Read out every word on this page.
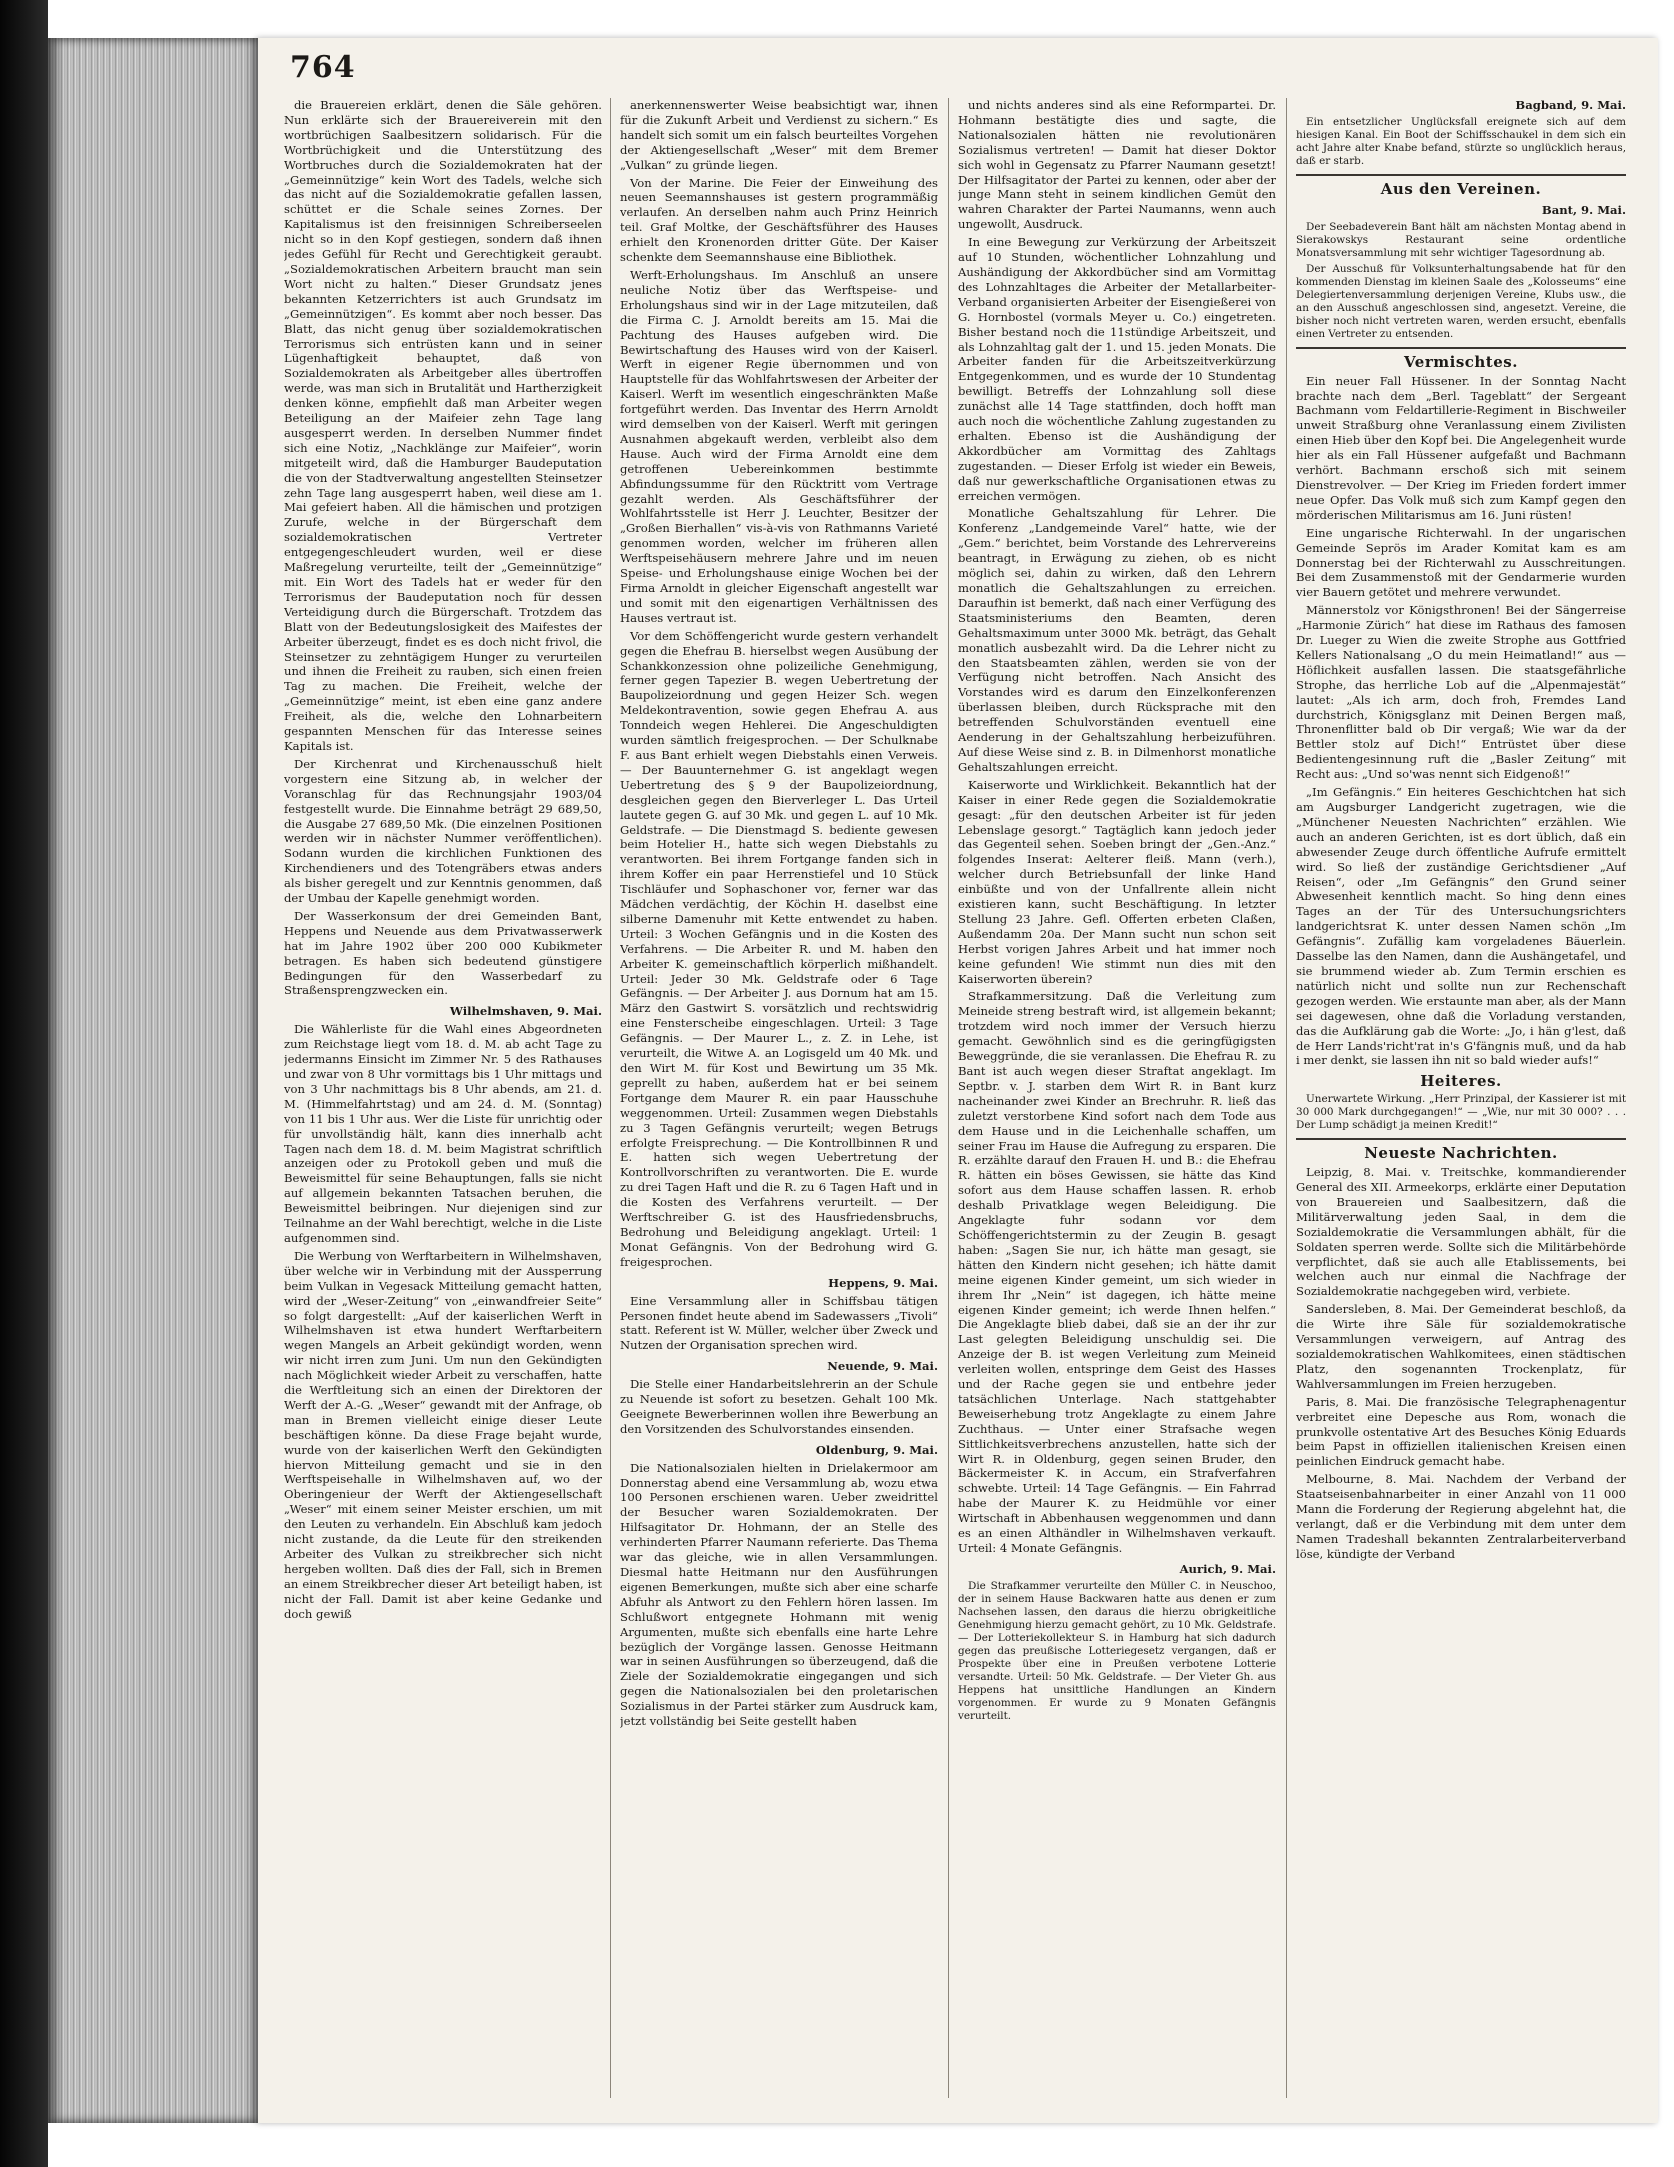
764

die Brauereien erklärt, denen die Säle gehören. Nun erklärte sich der Brauereiverein mit den wortbrüchigen Saalbesitzern solidarisch. Für die Wortbrüchigkeit und die Unterstützung des Wortbruches durch die Sozialdemokraten hat der „Gemeinnützige“ kein Wort des Tadels, welche sich das nicht auf die Sozialdemokratie gefallen lassen, schüttet er die Schale seines Zornes. Der Kapitalismus ist den freisinnigen Schreiberseelen nicht so in den Kopf gestiegen, sondern daß ihnen jedes Gefühl für Recht und Gerechtigkeit geraubt. „Sozialdemokratischen Arbeitern braucht man sein Wort nicht zu halten.“ Dieser Grundsatz jenes bekannten Ketzerrichters ist auch Grundsatz im „Gemeinnützigen“. Es kommt aber noch besser. Das Blatt, das nicht genug über sozialdemokratischen Terrorismus sich entrüsten kann und in seiner Lügenhaftigkeit behauptet, daß von Sozialdemokraten als Arbeitgeber alles übertroffen werde, was man sich in Brutalität und Hartherzigkeit denken könne, empfiehlt daß man Arbeiter wegen Beteiligung an der Maifeier zehn Tage lang ausgesperrt werden. In derselben Nummer findet sich eine Notiz, „Nachklänge zur Maifeier“, worin mitgeteilt wird, daß die Hamburger Baudeputation die von der Stadtverwaltung angestellten Steinsetzer zehn Tage lang ausgesperrt haben, weil diese am 1. Mai gefeiert haben. All die hämischen und protzigen Zurufe, welche in der Bürgerschaft dem sozialdemokratischen Vertreter entgegengeschleudert wurden, weil er diese Maßregelung verurteilte, teilt der „Gemeinnützige“ mit. Ein Wort des Tadels hat er weder für den Terrorismus der Baudeputation noch für dessen Verteidigung durch die Bürgerschaft. Trotzdem das Blatt von der Bedeutungslosigkeit des Maifestes der Arbeiter überzeugt, findet es es doch nicht frivol, die Steinsetzer zu zehntägigem Hunger zu verurteilen und ihnen die Freiheit zu rauben, sich einen freien Tag zu machen. Die Freiheit, welche der „Gemeinnützige“ meint, ist eben eine ganz andere Freiheit, als die, welche den Lohnarbeitern gespannten Menschen für das Interesse seines Kapitals ist.

Der Kirchenrat und Kirchenausschuß hielt vorgestern eine Sitzung ab, in welcher der Voranschlag für das Rechnungsjahr 1903/04 festgestellt wurde. Die Einnahme beträgt 29 689,50, die Ausgabe 27 689,50 Mk. (Die einzelnen Positionen werden wir in nächster Nummer veröffentlichen). Sodann wurden die kirchlichen Funktionen des Kirchendieners und des Totengräbers etwas anders als bisher geregelt und zur Kenntnis genommen, daß der Umbau der Kapelle genehmigt worden.

Der Wasserkonsum der drei Gemeinden Bant, Heppens und Neuende aus dem Privatwasserwerk hat im Jahre 1902 über 200 000 Kubikmeter betragen. Es haben sich bedeutend günstigere Bedingungen für den Wasserbedarf zu Straßensprengzwecken ein.

Wilhelmshaven, 9. Mai.

Die Wählerliste für die Wahl eines Abgeordneten zum Reichstage liegt vom 18. d. M. ab acht Tage zu jedermanns Einsicht im Zimmer Nr. 5 des Rathauses und zwar von 8 Uhr vormittags bis 1 Uhr mittags und von 3 Uhr nachmittags bis 8 Uhr abends, am 21. d. M. (Himmelfahrtstag) und am 24. d. M. (Sonntag) von 11 bis 1 Uhr aus. Wer die Liste für unrichtig oder für unvollständig hält, kann dies innerhalb acht Tagen nach dem 18. d. M. beim Magistrat schriftlich anzeigen oder zu Protokoll geben und muß die Beweismittel für seine Behauptungen, falls sie nicht auf allgemein bekannten Tatsachen beruhen, die Beweismittel beibringen. Nur diejenigen sind zur Teilnahme an der Wahl berechtigt, welche in die Liste aufgenommen sind.

Die Werbung von Werftarbeitern in Wilhelmshaven, über welche wir in Verbindung mit der Aussperrung beim Vulkan in Vegesack Mitteilung gemacht hatten, wird der „Weser-Zeitung“ von „einwandfreier Seite“ so folgt dargestellt: „Auf der kaiserlichen Werft in Wilhelmshaven ist etwa hundert Werftarbeitern wegen Mangels an Arbeit gekündigt worden, wenn wir nicht irren zum Juni. Um nun den Gekündigten nach Möglichkeit wieder Arbeit zu verschaffen, hatte die Werftleitung sich an einen der Direktoren der Werft der A.-G. „Weser“ gewandt mit der Anfrage, ob man in Bremen vielleicht einige dieser Leute beschäftigen könne. Da diese Frage bejaht wurde, wurde von der kaiserlichen Werft den Gekündigten hiervon Mitteilung gemacht und sie in den Werftspeisehalle in Wilhelmshaven auf, wo der Oberingenieur der Werft der Aktiengesellschaft „Weser“ mit einem seiner Meister erschien, um mit den Leuten zu verhandeln. Ein Abschluß kam jedoch nicht zustande, da die Leute für den streikenden Arbeiter des Vulkan zu streikbrecher sich nicht hergeben wollten. Daß dies der Fall, sich in Bremen an einem Streikbrecher dieser Art beteiligt haben, ist nicht der Fall. Damit ist aber keine Gedanke und doch gewiß

anerkennenswerter Weise beabsichtigt war, ihnen für die Zukunft Arbeit und Verdienst zu sichern.“ Es handelt sich somit um ein falsch beurteiltes Vorgehen der Aktiengesellschaft „Weser“ mit dem Bremer „Vulkan“ zu gründe liegen.

Von der Marine. Die Feier der Einweihung des neuen Seemannshauses ist gestern programmäßig verlaufen. An derselben nahm auch Prinz Heinrich teil. Graf Moltke, der Geschäftsführer des Hauses erhielt den Kronenorden dritter Güte. Der Kaiser schenkte dem Seemannshause eine Bibliothek.

Werft-Erholungshaus. Im Anschluß an unsere neuliche Notiz über das Werftspeise- und Erholungshaus sind wir in der Lage mitzuteilen, daß die Firma C. J. Arnoldt bereits am 15. Mai die Pachtung des Hauses aufgeben wird. Die Bewirtschaftung des Hauses wird von der Kaiserl. Werft in eigener Regie übernommen und von Hauptstelle für das Wohlfahrtswesen der Arbeiter der Kaiserl. Werft im wesentlich eingeschränkten Maße fortgeführt werden. Das Inventar des Herrn Arnoldt wird demselben von der Kaiserl. Werft mit geringen Ausnahmen abgekauft werden, verbleibt also dem Hause. Auch wird der Firma Arnoldt eine dem getroffenen Uebereinkommen bestimmte Abfindungssumme für den Rücktritt vom Vertrage gezahlt werden. Als Geschäftsführer der Wohlfahrtsstelle ist Herr J. Leuchter, Besitzer der „Großen Bierhallen“ vis-à-vis von Rathmanns Varieté genommen worden, welcher im früheren allen Werftspeisehäusern mehrere Jahre und im neuen Speise- und Erholungshause einige Wochen bei der Firma Arnoldt in gleicher Eigenschaft angestellt war und somit mit den eigenartigen Verhältnissen des Hauses vertraut ist.

Vor dem Schöffengericht wurde gestern verhandelt gegen die Ehefrau B. hierselbst wegen Ausübung der Schankkonzession ohne polizeiliche Genehmigung, ferner gegen Tapezier B. wegen Uebertretung der Baupolizeiordnung und gegen Heizer Sch. wegen Meldekontravention, sowie gegen Ehefrau A. aus Tonndeich wegen Hehlerei. Die Angeschuldigten wurden sämtlich freigesprochen. — Der Schulknabe F. aus Bant erhielt wegen Diebstahls einen Verweis. — Der Bauunternehmer G. ist angeklagt wegen Uebertretung des § 9 der Baupolizeiordnung, desgleichen gegen den Bierverleger L. Das Urteil lautete gegen G. auf 30 Mk. und gegen L. auf 10 Mk. Geldstrafe. — Die Dienstmagd S. bediente gewesen beim Hotelier H., hatte sich wegen Diebstahls zu verantworten. Bei ihrem Fortgange fanden sich in ihrem Koffer ein paar Herrenstiefel und 10 Stück Tischläufer und Sophaschoner vor, ferner war das Mädchen verdächtig, der Köchin H. daselbst eine silberne Damenuhr mit Kette entwendet zu haben. Urteil: 3 Wochen Gefängnis und in die Kosten des Verfahrens. — Die Arbeiter R. und M. haben den Arbeiter K. gemeinschaftlich körperlich mißhandelt. Urteil: Jeder 30 Mk. Geldstrafe oder 6 Tage Gefängnis. — Der Arbeiter J. aus Dornum hat am 15. März den Gastwirt S. vorsätzlich und rechtswidrig eine Fensterscheibe eingeschlagen. Urteil: 3 Tage Gefängnis. — Der Maurer L., z. Z. in Lehe, ist verurteilt, die Witwe A. an Logisgeld um 40 Mk. und den Wirt M. für Kost und Bewirtung um 35 Mk. geprellt zu haben, außerdem hat er bei seinem Fortgange dem Maurer R. ein paar Hausschuhe weggenommen. Urteil: Zusammen wegen Diebstahls zu 3 Tagen Gefängnis verurteilt; wegen Betrugs erfolgte Freisprechung. — Die Kontrollbinnen R und E. hatten sich wegen Uebertretung der Kontrollvorschriften zu verantworten. Die E. wurde zu drei Tagen Haft und die R. zu 6 Tagen Haft und in die Kosten des Verfahrens verurteilt. — Der Werftschreiber G. ist des Hausfriedensbruchs, Bedrohung und Beleidigung angeklagt. Urteil: 1 Monat Gefängnis. Von der Bedrohung wird G. freigesprochen.

Heppens, 9. Mai.

Eine Versammlung aller in Schiffsbau tätigen Personen findet heute abend im Sadewassers „Tivoli“ statt. Referent ist W. Müller, welcher über Zweck und Nutzen der Organisation sprechen wird.

Neuende, 9. Mai.

Die Stelle einer Handarbeitslehrerin an der Schule zu Neuende ist sofort zu besetzen. Gehalt 100 Mk. Geeignete Bewerberinnen wollen ihre Bewerbung an den Vorsitzenden des Schulvorstandes einsenden.

Oldenburg, 9. Mai.

Die Nationalsozialen hielten in Drielakermoor am Donnerstag abend eine Versammlung ab, wozu etwa 100 Personen erschienen waren. Ueber zweidrittel der Besucher waren Sozialdemokraten. Der Hilfsagitator Dr. Hohmann, der an Stelle des verhinderten Pfarrer Naumann referierte. Das Thema war das gleiche, wie in allen Versammlungen. Diesmal hatte Heitmann nur den Ausführungen eigenen Bemerkungen, mußte sich aber eine scharfe Abfuhr als Antwort zu den Fehlern hören lassen. Im Schlußwort entgegnete Hohmann mit wenig Argumenten, mußte sich ebenfalls eine harte Lehre bezüglich der Vorgänge lassen. Genosse Heitmann war in seinen Ausführungen so überzeugend, daß die Ziele der Sozialdemokratie eingegangen und sich gegen die Nationalsozialen bei den proletarischen Sozialismus in der Partei stärker zum Ausdruck kam, jetzt vollständig bei Seite gestellt haben

und nichts anderes sind als eine Reformpartei. Dr. Hohmann bestätigte dies und sagte, die Nationalsozialen hätten nie revolutionären Sozialismus vertreten! — Damit hat dieser Doktor sich wohl in Gegensatz zu Pfarrer Naumann gesetzt! Der Hilfsagitator der Partei zu kennen, oder aber der junge Mann steht in seinem kindlichen Gemüt den wahren Charakter der Partei Naumanns, wenn auch ungewollt, Ausdruck.

In eine Bewegung zur Verkürzung der Arbeitszeit auf 10 Stunden, wöchentlicher Lohnzahlung und Aushändigung der Akkordbücher sind am Vormittag des Lohnzahltages die Arbeiter der Metallarbeiter-Verband organisierten Arbeiter der Eisengießerei von G. Hornbostel (vormals Meyer u. Co.) eingetreten. Bisher bestand noch die 11stündige Arbeitszeit, und als Lohnzahltag galt der 1. und 15. jeden Monats. Die Arbeiter fanden für die Arbeitszeitverkürzung Entgegenkommen, und es wurde der 10 Stundentag bewilligt. Betreffs der Lohnzahlung soll diese zunächst alle 14 Tage stattfinden, doch hofft man auch noch die wöchentliche Zahlung zugestanden zu erhalten. Ebenso ist die Aushändigung der Akkordbücher am Vormittag des Zahltags zugestanden. — Dieser Erfolg ist wieder ein Beweis, daß nur gewerkschaftliche Organisationen etwas zu erreichen vermögen.

Monatliche Gehaltszahlung für Lehrer. Die Konferenz „Landgemeinde Varel“ hatte, wie der „Gem.“ berichtet, beim Vorstande des Lehrervereins beantragt, in Erwägung zu ziehen, ob es nicht möglich sei, dahin zu wirken, daß den Lehrern monatlich die Gehaltszahlungen zu erreichen. Daraufhin ist bemerkt, daß nach einer Verfügung des Staatsministeriums den Beamten, deren Gehaltsmaximum unter 3000 Mk. beträgt, das Gehalt monatlich ausbezahlt wird. Da die Lehrer nicht zu den Staatsbeamten zählen, werden sie von der Verfügung nicht betroffen. Nach Ansicht des Vorstandes wird es darum den Einzelkonferenzen überlassen bleiben, durch Rücksprache mit den betreffenden Schulvorständen eventuell eine Aenderung in der Gehaltszahlung herbeizuführen. Auf diese Weise sind z. B. in Dilmenhorst monatliche Gehaltszahlungen erreicht.

Kaiserworte und Wirklichkeit. Bekanntlich hat der Kaiser in einer Rede gegen die Sozialdemokratie gesagt: „für den deutschen Arbeiter ist für jeden Lebenslage gesorgt.“ Tagtäglich kann jedoch jeder das Gegenteil sehen. Soeben bringt der „Gen.-Anz.“ folgendes Inserat: Aelterer fleiß. Mann (verh.), welcher durch Betriebsunfall der linke Hand einbüßte und von der Unfallrente allein nicht existieren kann, sucht Beschäftigung. In letzter Stellung 23 Jahre. Gefl. Offerten erbeten Claßen, Außendamm 20a. Der Mann sucht nun schon seit Herbst vorigen Jahres Arbeit und hat immer noch keine gefunden! Wie stimmt nun dies mit den Kaiserworten überein?

Strafkammersitzung. Daß die Verleitung zum Meineide streng bestraft wird, ist allgemein bekannt; trotzdem wird noch immer der Versuch hierzu gemacht. Gewöhnlich sind es die geringfügigsten Beweggründe, die sie veranlassen. Die Ehefrau R. zu Bant ist auch wegen dieser Straftat angeklagt. Im Septbr. v. J. starben dem Wirt R. in Bant kurz nacheinander zwei Kinder an Brechruhr. R. ließ das zuletzt verstorbene Kind sofort nach dem Tode aus dem Hause und in die Leichenhalle schaffen, um seiner Frau im Hause die Aufregung zu ersparen. Die R. erzählte darauf den Frauen H. und B.: die Ehefrau R. hätten ein böses Gewissen, sie hätte das Kind sofort aus dem Hause schaffen lassen. R. erhob deshalb Privatklage wegen Beleidigung. Die Angeklagte fuhr sodann vor dem Schöffengerichtstermin zu der Zeugin B. gesagt haben: „Sagen Sie nur, ich hätte man gesagt, sie hätten den Kindern nicht gesehen; ich hätte damit meine eigenen Kinder gemeint, um sich wieder in ihrem Ihr „Nein“ ist dagegen, ich hätte meine eigenen Kinder gemeint; ich werde Ihnen helfen.“ Die Angeklagte blieb dabei, daß sie an der ihr zur Last gelegten Beleidigung unschuldig sei. Die Anzeige der B. ist wegen Verleitung zum Meineid verleiten wollen, entspringe dem Geist des Hasses und der Rache gegen sie und entbehre jeder tatsächlichen Unterlage. Nach stattgehabter Beweiserhebung trotz Angeklagte zu einem Jahre Zuchthaus. — Unter einer Strafsache wegen Sittlichkeitsverbrechens anzustellen, hatte sich der Wirt R. in Oldenburg, gegen seinen Bruder, den Bäckermeister K. in Accum, ein Strafverfahren schwebte. Urteil: 14 Tage Gefängnis. — Ein Fahrrad habe der Maurer K. zu Heidmühle vor einer Wirtschaft in Abbenhausen weggenommen und dann es an einen Althändler in Wilhelmshaven verkauft. Urteil: 4 Monate Gefängnis.

Aurich, 9. Mai.

Die Strafkammer verurteilte den Müller C. in Neuschoo, der in seinem Hause Backwaren hatte aus denen er zum Nachsehen lassen, den daraus die hierzu obrigkeitliche Genehmigung hierzu gemacht gehört, zu 10 Mk. Geldstrafe. — Der Lotteriekollekteur S. in Hamburg hat sich dadurch gegen das preußische Lotteriegesetz vergangen, daß er Prospekte über eine in Preußen verbotene Lotterie versandte. Urteil: 50 Mk. Geldstrafe. — Der Vieter Gh. aus Heppens hat unsittliche Handlungen an Kindern vorgenommen. Er wurde zu 9 Monaten Gefängnis verurteilt.

Bagband, 9. Mai.

Ein entsetzlicher Unglücksfall ereignete sich auf dem hiesigen Kanal. Ein Boot der Schiffsschaukel in dem sich ein acht Jahre alter Knabe befand, stürzte so unglücklich heraus, daß er starb.

Aus den Vereinen.

Bant, 9. Mai.

Der Seebadeverein Bant hält am nächsten Montag abend in Sierakowskys Restaurant seine ordentliche Monatsversammlung mit sehr wichtiger Tagesordnung ab.

Der Ausschuß für Volksunterhaltungsabende hat für den kommenden Dienstag im kleinen Saale des „Kolosseums“ eine Delegiertenversammlung derjenigen Vereine, Klubs usw., die an den Ausschuß angeschlossen sind, angesetzt. Vereine, die bisher noch nicht vertreten waren, werden ersucht, ebenfalls einen Vertreter zu entsenden.

Vermischtes.

Ein neuer Fall Hüssener. In der Sonntag Nacht brachte nach dem „Berl. Tageblatt“ der Sergeant Bachmann vom Feldartillerie-Regiment in Bischweiler unweit Straßburg ohne Veranlassung einem Zivilisten einen Hieb über den Kopf bei. Die Angelegenheit wurde hier als ein Fall Hüssener aufgefaßt und Bachmann verhört. Bachmann erschoß sich mit seinem Dienstrevolver. — Der Krieg im Frieden fordert immer neue Opfer. Das Volk muß sich zum Kampf gegen den mörderischen Militarismus am 16. Juni rüsten!

Eine ungarische Richterwahl. In der ungarischen Gemeinde Seprös im Arader Komitat kam es am Donnerstag bei der Richterwahl zu Ausschreitungen. Bei dem Zusammenstoß mit der Gendarmerie wurden vier Bauern getötet und mehrere verwundet.

Männerstolz vor Königsthronen! Bei der Sängerreise „Harmonie Zürich“ hat diese im Rathaus des famosen Dr. Lueger zu Wien die zweite Strophe aus Gottfried Kellers Nationalsang „O du mein Heimatland!“ aus — Höflichkeit ausfallen lassen. Die staatsgefährliche Strophe, das herrliche Lob auf die „Alpenmajestät“ lautet: „Als ich arm, doch froh, Fremdes Land durchstrich, Königsglanz mit Deinen Bergen maß, Thronenflitter bald ob Dir vergaß; Wie war da der Bettler stolz auf Dich!“ Entrüstet über diese Bedientengesinnung ruft die „Basler Zeitung“ mit Recht aus: „Und so'was nennt sich Eidgenoß!“

„Im Gefängnis.“ Ein heiteres Geschichtchen hat sich am Augsburger Landgericht zugetragen, wie die „Münchener Neuesten Nachrichten“ erzählen. Wie auch an anderen Gerichten, ist es dort üblich, daß ein abwesender Zeuge durch öffentliche Aufrufe ermittelt wird. So ließ der zuständige Gerichtsdiener „Auf Reisen“, oder „Im Gefängnis“ den Grund seiner Abwesenheit kenntlich macht. So hing denn eines Tages an der Tür des Untersuchungsrichters landgerichtsrat K. unter dessen Namen schön „Im Gefängnis“. Zufällig kam vorgeladenes Bäuerlein. Dasselbe las den Namen, dann die Aushängetafel, und sie brummend wieder ab. Zum Termin erschien es natürlich nicht und sollte nun zur Rechenschaft gezogen werden. Wie erstaunte man aber, als der Mann sei dagewesen, ohne daß die Vorladung verstanden, das die Aufklärung gab die Worte: „Jo, i hän g'lest, daß de Herr Lands'richt'rat in's G'fängnis muß, und da hab i mer denkt, sie lassen ihn nit so bald wieder aufs!“

Heiteres.

Unerwartete Wirkung. „Herr Prinzipal, der Kassierer ist mit 30 000 Mark durchgegangen!“ — „Wie, nur mit 30 000? . . . Der Lump schädigt ja meinen Kredit!“

Neueste Nachrichten.

Leipzig, 8. Mai. v. Treitschke, kommandierender General des XII. Armeekorps, erklärte einer Deputation von Brauereien und Saalbesitzern, daß die Militärverwaltung jeden Saal, in dem die Sozialdemokratie die Versammlungen abhält, für die Soldaten sperren werde. Sollte sich die Militärbehörde verpflichtet, daß sie auch alle Etablissements, bei welchen auch nur einmal die Nachfrage der Sozialdemokratie nachgegeben wird, verbiete.

Sandersleben, 8. Mai. Der Gemeinderat beschloß, da die Wirte ihre Säle für sozialdemokratische Versammlungen verweigern, auf Antrag des sozialdemokratischen Wahlkomitees, einen städtischen Platz, den sogenannten Trockenplatz, für Wahlversammlungen im Freien herzugeben.

Paris, 8. Mai. Die französische Telegraphenagentur verbreitet eine Depesche aus Rom, wonach die prunkvolle ostentative Art des Besuches König Eduards beim Papst in offiziellen italienischen Kreisen einen peinlichen Eindruck gemacht habe.

Melbourne, 8. Mai. Nachdem der Verband der Staatseisenbahnarbeiter in einer Anzahl von 11 000 Mann die Forderung der Regierung abgelehnt hat, die verlangt, daß er die Verbindung mit dem unter dem Namen Tradeshall bekannten Zentralarbeiterverband löse, kündigte der Verband
